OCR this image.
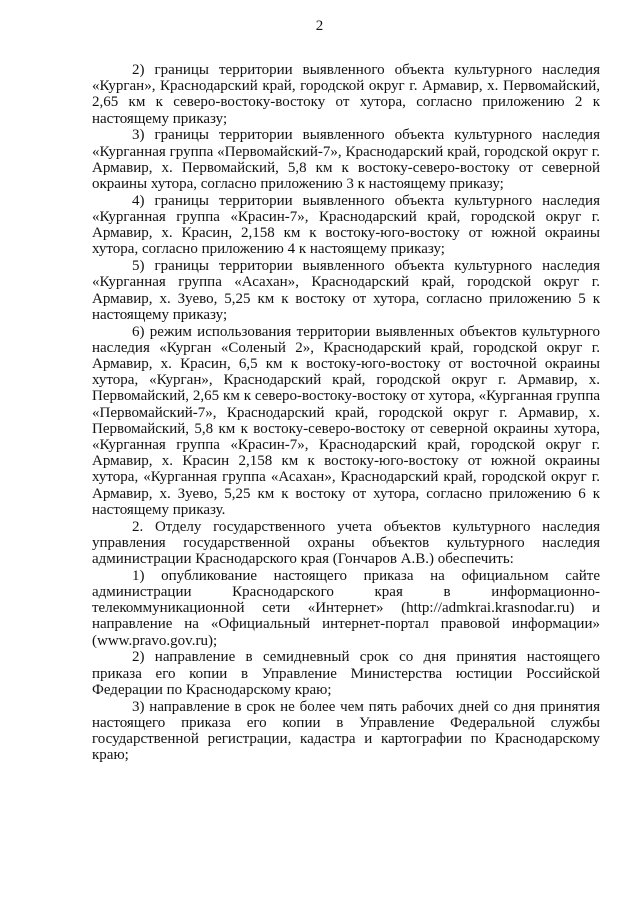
2

2) границы территории выявленного объекта культурного наследия «Курган», Краснодарский край, городской округ г. Армавир, х. Первомайский, 2,65 км к северо-востоку-востоку от хутора, согласно приложению 2 к настоящему приказу;

3) границы территории выявленного объекта культурного наследия «Курганная группа «Первомайский-7», Краснодарский край, городской округ г. Армавир, х. Первомайский, 5,8 км к востоку-северо-востоку от северной окраины хутора, согласно приложению 3 к настоящему приказу;

4) границы территории выявленного объекта культурного наследия «Курганная группа «Красин-7», Краснодарский край, городской округ г. Армавир, х. Красин, 2,158 км к востоку-юго-востоку от южной окраины хутора, согласно приложению 4 к настоящему приказу;

5) границы территории выявленного объекта культурного наследия «Курганная группа «Асахан», Краснодарский край, городской округ г. Армавир, х. Зуево, 5,25 км к востоку от хутора, согласно приложению 5 к настоящему приказу;

6) режим использования территории выявленных объектов культурного наследия «Курган «Соленый 2», Краснодарский край, городской округ г. Армавир, х. Красин, 6,5 км к востоку-юго-востоку от восточной окраины хутора, «Курган», Краснодарский край, городской округ г. Армавир, х. Первомайский, 2,65 км к северо-востоку-востоку от хутора, «Курганная группа «Первомайский-7», Краснодарский край, городской округ г. Армавир, х. Первомайский, 5,8 км к востоку-северо-востоку от северной окраины хутора, «Курганная группа «Красин-7», Краснодарский край, городской округ г. Армавир, х. Красин 2,158 км к востоку-юго-востоку от южной окраины хутора, «Курганная группа «Асахан», Краснодарский край, городской округ г. Армавир, х. Зуево, 5,25 км к востоку от хутора, согласно приложению 6 к настоящему приказу.

2. Отделу государственного учета объектов культурного наследия управления государственной охраны объектов культурного наследия администрации Краснодарского края (Гончаров А.В.) обеспечить:

1) опубликование настоящего приказа на официальном сайте администрации Краснодарского края в информационно-телекоммуникационной сети «Интернет» (http://admkrai.krasnodar.ru) и направление на «Официальный интернет-портал правовой информации» (www.pravo.gov.ru);

2) направление в семидневный срок со дня принятия настоящего приказа его копии в Управление Министерства юстиции Российской Федерации по Краснодарскому краю;

3) направление в срок не более чем пять рабочих дней со дня принятия настоящего приказа его копии в Управление Федеральной службы государственной регистрации, кадастра и картографии по Краснодарскому краю;
